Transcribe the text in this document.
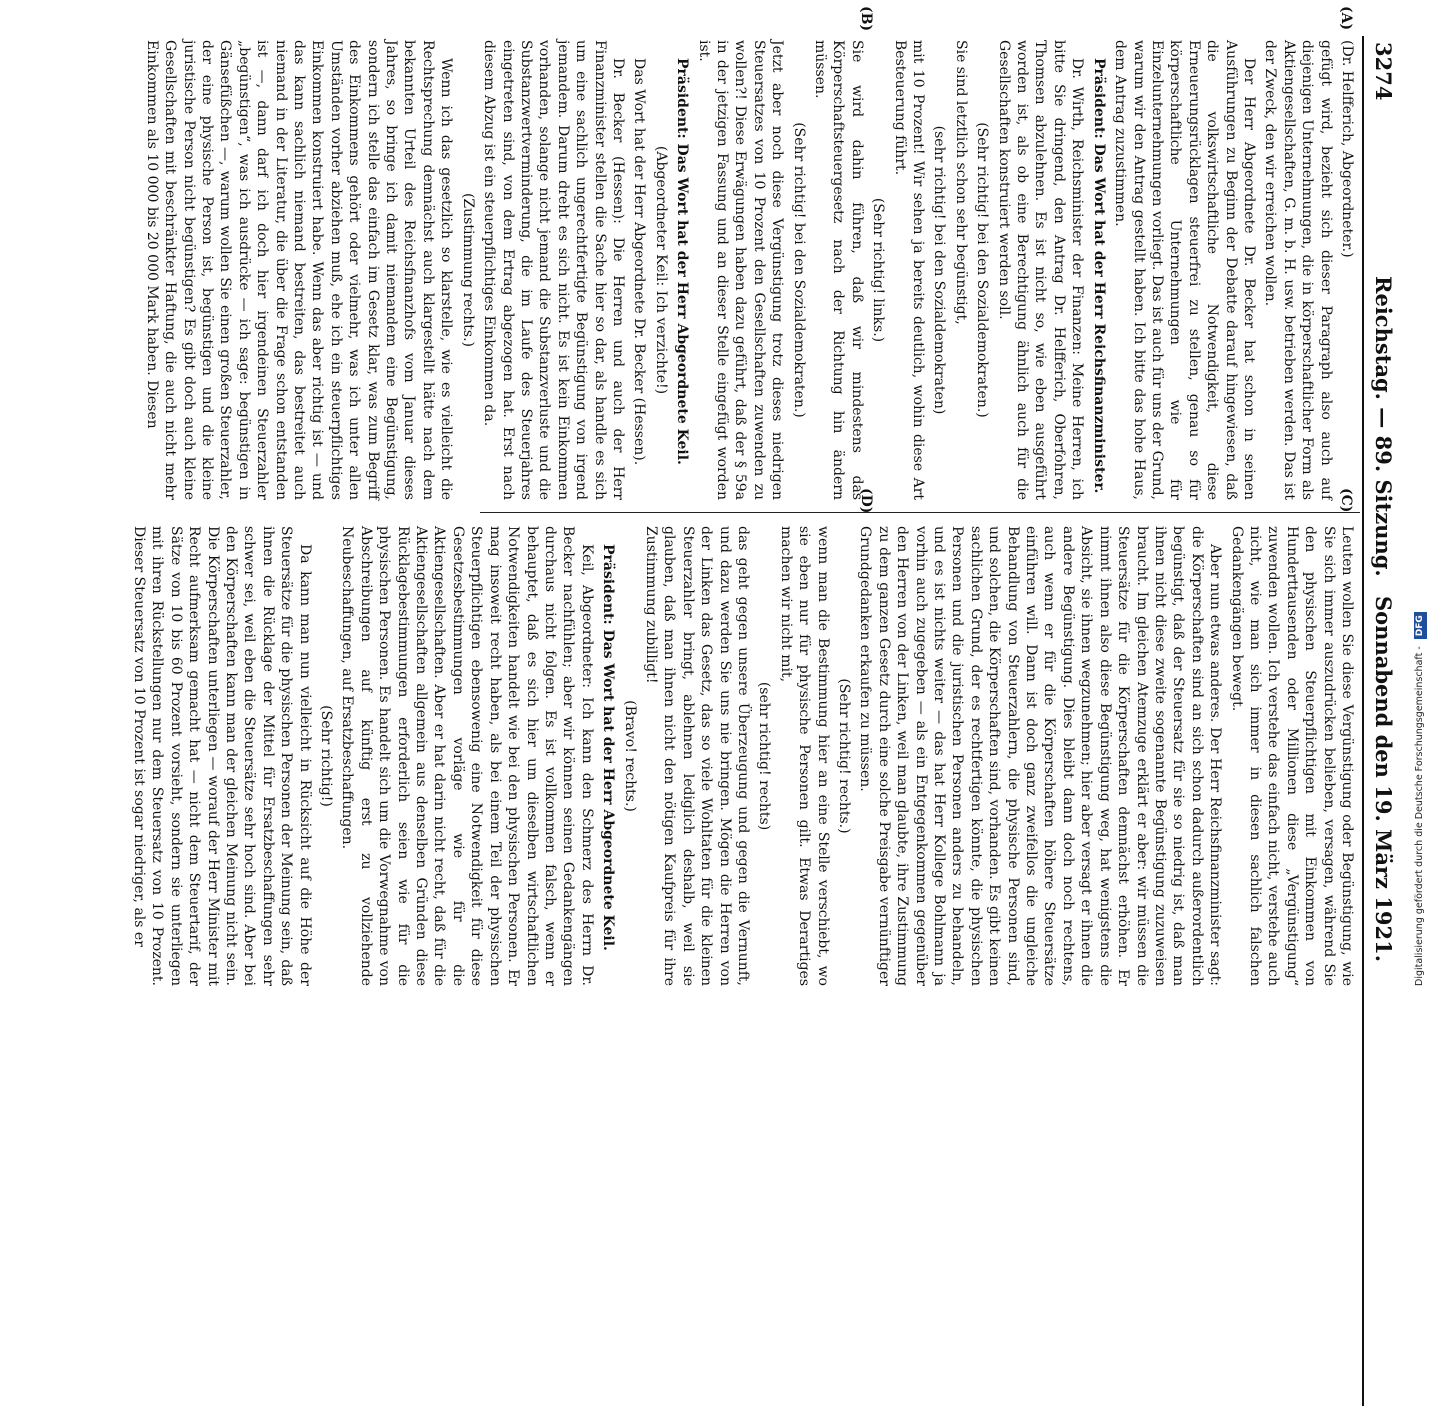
3274
Reichstag. — 89. Sitzung.
Sonnabend den 19. März 1921.
(A)
(B)
(C)
(D)

(Dr. Helfferich, Abgeordneter.)

gefügt wird, bezieht sich dieser Paragraph also auch auf diejenigen Unternehmungen, die in körperschaftlicher Form als Aktiengesellschaften, G. m. b. H. usw. betrieben werden. Das ist der Zweck, den wir erreichen wollen.

Der Herr Abgeordnete Dr. Becker hat schon in seinen Ausführungen zu Beginn der Debatte darauf hingewiesen, daß die volkswirtschaftliche Notwendigkeit, diese Erneuerungsrücklagen steuerfrei zu stellen, genau so für körperschaftliche Unternehmungen wie für Einzelunternehmungen vorliegt. Das ist auch für uns der Grund, warum wir den Antrag gestellt haben. Ich bitte das hohe Haus, dem Antrag zuzustimmen.

Präsident: Das Wort hat der Herr Reichsfinanzminister.

Dr. Wirth, Reichsminister der Finanzen: Meine Herren, ich bitte Sie dringend, den Antrag Dr. Helfferich, Oberfohren, Thomsen abzulehnen. Es ist nicht so, wie eben ausgeführt worden ist, als ob eine Berechtigung ähnlich auch für die Gesellschaften konstruiert werden soll.

(Sehr richtig! bei den Sozialdemokraten.)

Sie sind letztlich schon sehr begünstigt,

(sehr richtig! bei den Sozialdemokraten)

mit 10 Prozent! Wir sehen ja bereits deutlich, wohin diese Art Besteuerung führt.

(Sehr richtig! links.)

Sie wird dahin führen, daß wir mindestens das Körperschaftsteuergesetz nach der Richtung hin ändern müssen.

(Sehr richtig! bei den Sozialdemokraten.)

Jetzt aber noch diese Vergünstigung trotz dieses niedrigen Steuersatzes von 10 Prozent den Gesellschaften zuwenden zu wollen?! Diese Erwägungen haben dazu geführt, daß der § 59a in der jetzigen Fassung und an dieser Stelle eingefügt worden ist.

Präsident: Das Wort hat der Herr Abgeordnete Keil.

(Abgeordneter Keil: Ich verzichte!)

Das Wort hat der Herr Abgeordnete Dr. Becker (Hessen).

Dr. Becker (Hessen): Die Herren und auch der Herr Finanzminister stellen die Sache hier so dar, als handle es sich um eine sachlich ungerechtfertigte Begünstigung von irgend jemandem. Darum dreht es sich nicht. Es ist kein Einkommen vorhanden, solange nicht jemand die Substanzverluste und die Substanzwertverminderung, die im Laufe des Steuerjahres eingetreten sind, von dem Ertrag abgezogen hat. Erst nach diesem Abzug ist ein steuerpflichtiges Einkommen da.

(Zustimmung rechts.)

Wenn ich das gesetzlich so klarstelle, wie es vielleicht die Rechtsprechung demnächst auch klargestellt hätte nach dem bekannten Urteil des Reichsfinanzhofs vom Januar dieses Jahres, so bringe ich damit niemandem eine Begünstigung, sondern ich stelle das einfach im Gesetz klar, was zum Begriff des Einkommens gehört oder vielmehr, was ich unter allen Umständen vorher abziehen muß, ehe ich ein steuerpflichtiges Einkommen konstruiert habe. Wenn das aber richtig ist — und das kann sachlich niemand bestreiten, das bestreitet auch niemand in der Literatur, die über die Frage schon entstanden ist —, dann darf ich doch hier irgendeinen Steuerzahler „begünstigen“, was ich ausdrücke — ich sage: begünstigen in Gänsefüßchen —, warum wollen Sie einen großen Steuerzahler, der eine physische Person ist, begünstigen und die kleine juristische Person nicht begünstigen? Es gibt doch auch kleine Gesellschaften mit beschränkter Haftung, die auch nicht mehr Einkommen als 10 000 bis 20 000 Mark haben. Diesen

Leuten wollen Sie diese Vergünstigung oder Begünstigung, wie Sie sich immer auszudrücken belieben, versagen, während Sie den physischen Steuerpflichtigen mit Einkommen von Hunderttausenden oder Millionen diese „Vergünstigung“ zuwenden wollen. Ich verstehe das einfach nicht, verstehe auch nicht, wie man sich immer in diesen sachlich falschen Gedankengängen bewegt.

Aber nun etwas anderes. Der Herr Reichsfinanzminister sagt: die Körperschaften sind an sich schon dadurch außerordentlich begünstigt, daß der Steuersatz für sie so niedrig ist, daß man ihnen nicht diese zweite sogenannte Begünstigung zuzuweisen braucht. Im gleichen Atemzuge erklärt er aber: wir müssen die Steuersätze für die Körperschaften demnächst erhöhen. Er nimmt ihnen also diese Begünstigung weg, hat wenigstens die Absicht, sie ihnen wegzunehmen; hier aber versagt er ihnen die andere Begünstigung. Dies bleibt dann doch noch rechtens, auch wenn er für die Körperschaften höhere Steuersätze einführen will. Dann ist doch ganz zweifellos die ungleiche Behandlung von Steuerzahlern, die physische Personen sind, und solchen, die Körperschaften sind, vorhanden. Es gibt keinen sachlichen Grund, der es rechtfertigen könnte, die physischen Personen und die juristischen Personen anders zu behandeln, und es ist nichts weiter — das hat Herr Kollege Bohlmann ja vorhin auch zugegeben — als ein Entgegenkommen gegenüber den Herren von der Linken, weil man glaubte, ihre Zustimmung zu dem ganzen Gesetz durch eine solche Preisgabe vernünftiger Grundgedanken erkaufen zu müssen.

(Sehr richtig! rechts.)

wenn man die Bestimmung hier an eine Stelle verschiebt, wo sie eben nur für physische Personen gilt. Etwas Derartiges machen wir nicht mit,

(sehr richtig! rechts)

das geht gegen unsere Überzeugung und gegen die Vernunft, und dazu werden Sie uns nie bringen. Mögen die Herren von der Linken das Gesetz, das so viele Wohltaten für die kleinen Steuerzahler bringt, ablehnen lediglich deshalb, weil sie glauben, daß man ihnen nicht den nötigen Kaufpreis für ihre Zustimmung zubilligt!

(Bravo! rechts.)

Präsident: Das Wort hat der Herr Abgeordnete Keil.

Keil, Abgeordneter: Ich kann den Schmerz des Herrn Dr. Becker nachfühlen; aber wir können seinen Gedankengängen durchaus nicht folgen. Es ist vollkommen falsch, wenn er behauptet, daß es sich hier um dieselben wirtschaftlichen Notwendigkeiten handelt wie bei den physischen Personen. Er mag insoweit recht haben, als bei einem Teil der physischen Steuerpflichtigen ebensowenig eine Notwendigkeit für diese Gesetzesbestimmungen vorläge wie für die Aktiengesellschaften. Aber er hat darin nicht recht, daß für die Aktiengesellschaften allgemein aus denselben Gründen diese Rücklagebestimmungen erforderlich seien wie für die physischen Personen. Es handelt sich um die Vorwegnahme von Abschreibungen auf künftig erst zu vollziehende Neubeschaffungen, auf Ersatzbeschaffungen.

(Sehr richtig!)

Da kann man nun vielleicht in Rücksicht auf die Höhe der Steuersätze für die physischen Personen der Meinung sein, daß ihnen die Rücklage der Mittel für Ersatzbeschaffungen sehr schwer sei, weil eben die Steuersätze sehr hoch sind. Aber bei den Körperschaften kann man der gleichen Meinung nicht sein. Die Körperschaften unterliegen — worauf der Herr Minister mit Recht aufmerksam gemacht hat — nicht dem Steuertarif, der Sätze von 10 bis 60 Prozent vorsieht, sondern sie unterliegen mit ihren Rückstellungen nur dem Steuersatz von 10 Prozent. Dieser Steuersatz von 10 Prozent ist sogar niedriger, als er	Digitalisierung gefördert durch die Deutsche Forschungsgemeinschaft - DFG
